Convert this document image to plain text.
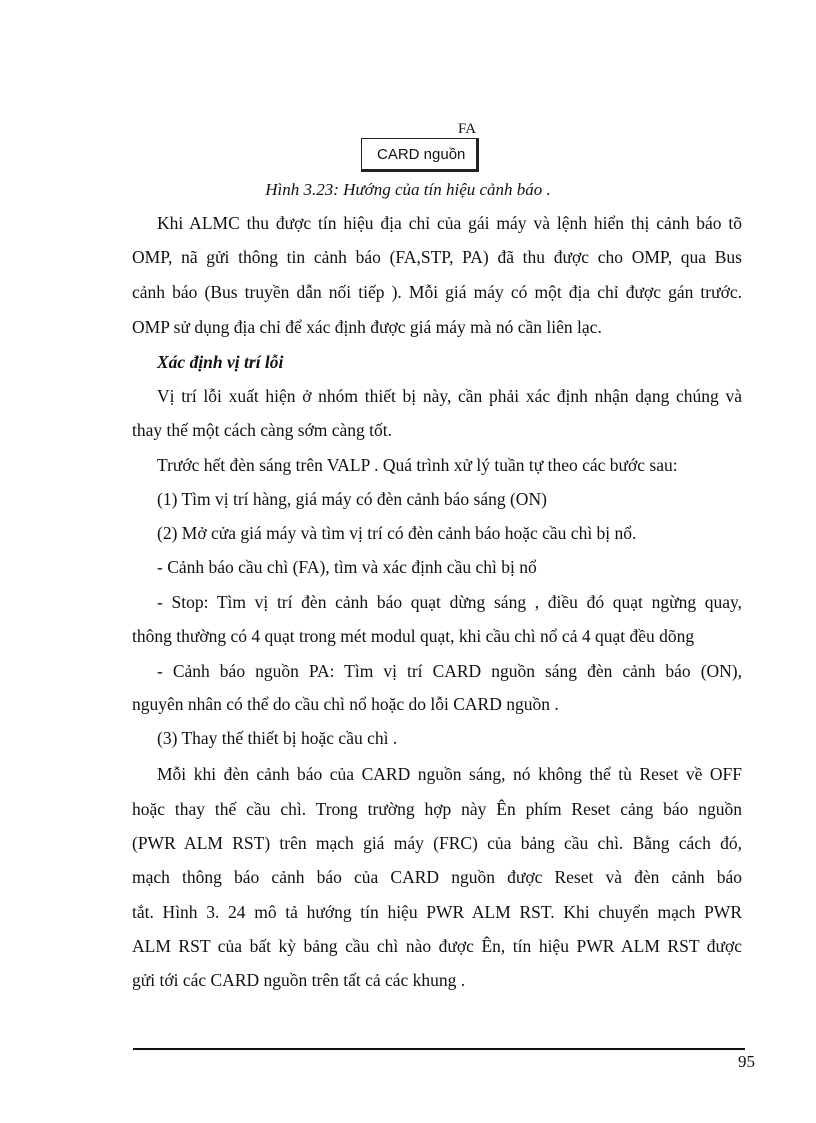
FA
CARD nguồn
Hình 3.23: Hướng của tín hiệu cảnh báo .
Khi ALMC thu được tín hiệu địa chỉ của gái máy và lệnh hiển thị cảnh báo tõ
OMP, nã gửi thông tin cảnh báo (FA,STP, PA) đã thu được cho OMP, qua Bus
cảnh báo (Bus truyền dẫn nối tiếp ). Mỗi giá máy có một địa chỉ được gán trước.
OMP sử dụng địa chỉ để xác định được giá máy mà nó cần liên lạc.
Xác định vị trí lỗi
Vị trí lỗi xuất hiện ở nhóm thiết bị này, cần phải xác định nhận dạng chúng và
thay thế một cách càng sớm càng tốt.
Trước hết đèn sáng trên VALP . Quá trình xử lý tuần tự theo các bước sau:
(1) Tìm vị trí hàng, giá máy có đèn cảnh báo sáng (ON)
(2) Mở cửa giá máy và tìm vị trí có đèn cảnh báo hoặc cầu chì bị nổ.
- Cảnh báo cầu chì (FA), tìm và xác định cầu chì bị nổ
- Stop: Tìm vị trí đèn cảnh báo quạt dừng sáng , điều đó quạt ngừng quay,
thông thường có 4 quạt trong mét modul quạt, khi cầu chì nổ cả 4 quạt đều dõng
- Cảnh báo nguồn PA: Tìm vị trí CARD nguồn sáng đèn cảnh báo (ON),
nguyên nhân có thể do cầu chì nổ hoặc do lỗi CARD nguồn .
(3) Thay thế thiết bị hoặc cầu chì .
Mỗi khi đèn cảnh báo của CARD nguồn sáng, nó không thể tù Reset về OFF
hoặc thay thế cầu chì. Trong trường hợp này Ên phím Reset cảng báo nguồn
(PWR ALM RST) trên mạch giá máy (FRC) của bảng cầu chì. Bằng cách đó,
mạch thông báo cảnh báo của CARD nguồn được Reset và đèn cảnh báo
tắt. Hình 3. 24 mô tả hướng tín hiệu PWR ALM RST. Khi chuyển mạch PWR
ALM RST của bất kỳ bảng cầu chì nào được Ên, tín hiệu PWR ALM RST được
gửi tới các CARD nguồn trên tất cả các khung .
95
